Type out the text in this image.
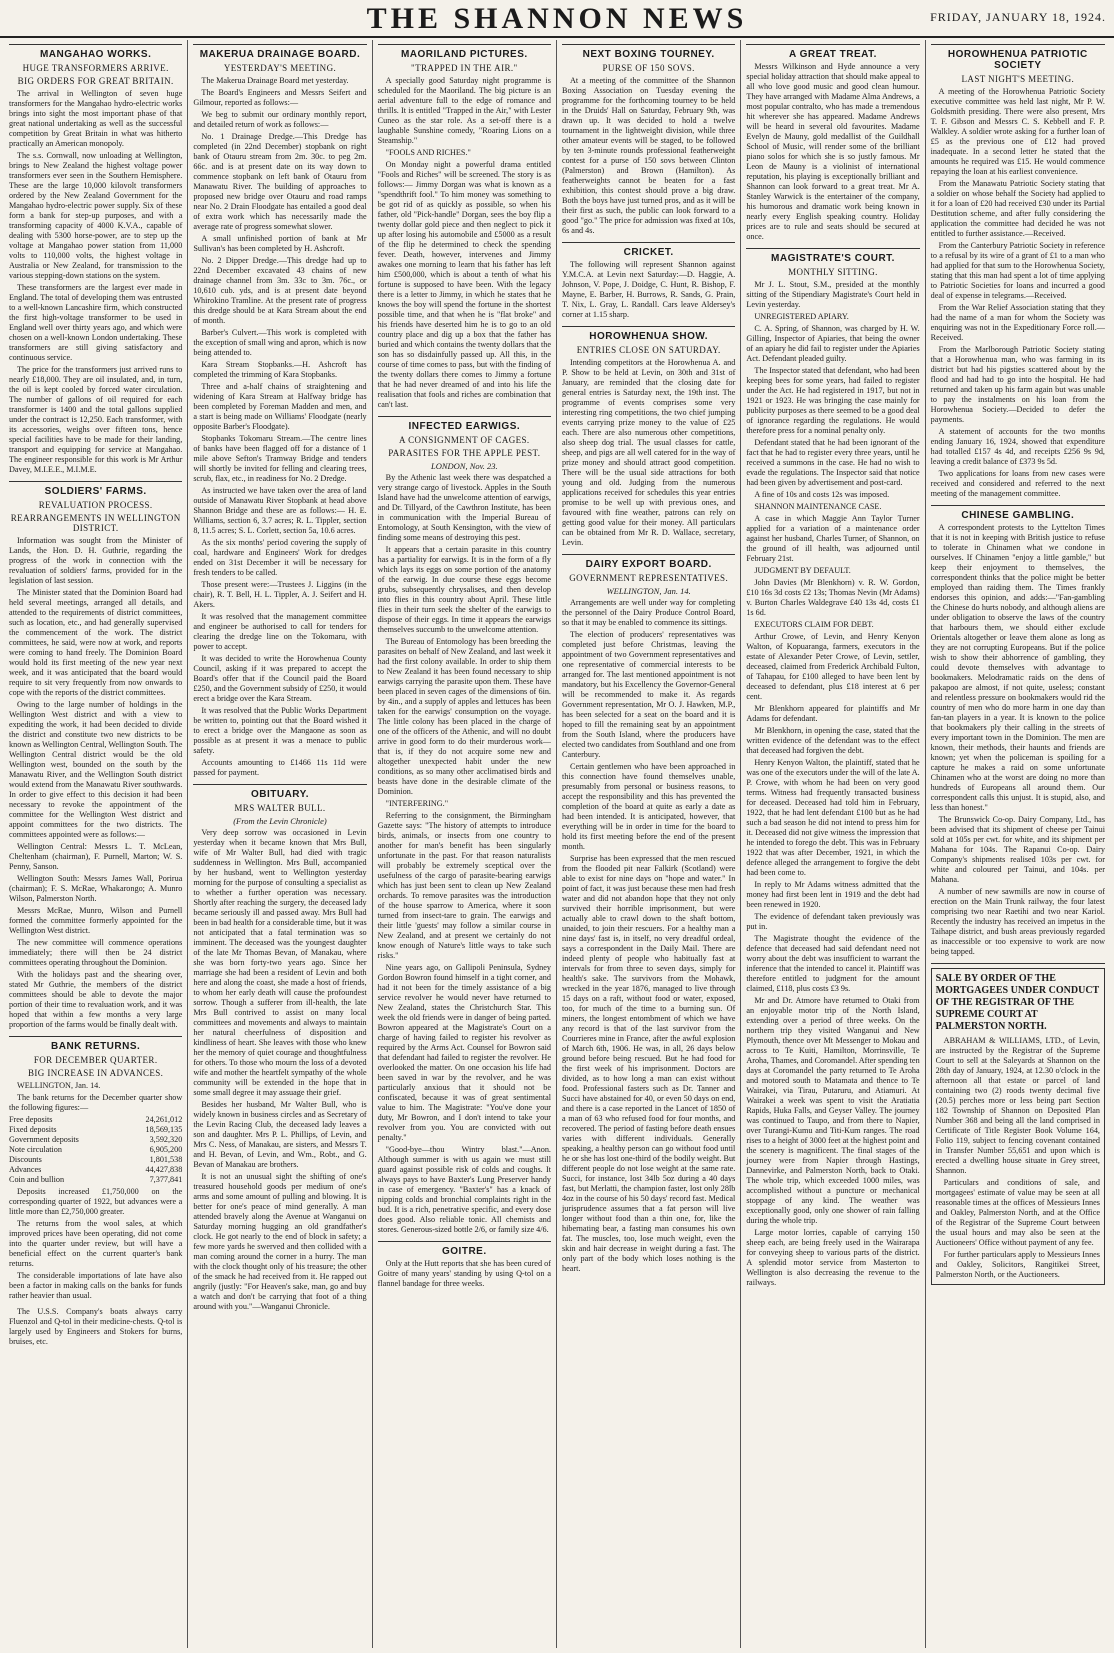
THE SHANNON NEWS	FRIDAY, JANUARY 18, 1924.
MANGAHAO WORKS.
HUGE TRANSFORMERS ARRIVE.
BIG ORDERS FOR GREAT BRITAIN.

The arrival in Wellington of seven huge transformers for the Mangahao hydro-electric works brings into sight the most important phase of that great national undertaking as well as the successful competition by Great Britain in what was hitherto practically an American monopoly.

The s.s. Cornwall, now unloading at Wellington, brings to New Zealand the highest voltage power transformers ever seen in the Southern Hemisphere. These are the large 10,000 kilovolt transformers ordered by the New Zealand Government for the Mangahao hydro-electric power supply. Six of these form a bank for step-up purposes, and with a transforming capacity of 4000 K.V.A., capable of dealing with 5300 horse-power, are to step up the voltage at Mangahao power station from 11,000 volts to 110,000 volts, the highest voltage in Australia or New Zealand, for transmission to the various stepping-down stations on the system.

These transformers are the largest ever made in England. The total of developing them was entrusted to a well-known Lancashire firm, which constructed the first high-voltage transformer to be used in England well over thirty years ago, and which were chosen on a well-known London undertaking. These transformers are still giving satisfactory and continuous service.

The price for the transformers just arrived runs to nearly £18,000. They are oil insulated, and, in turn, the oil is kept cooled by forced water circulation. The number of gallons of oil required for each transformer is 1400 and the total gallons supplied under the contract is 12,250. Each transformer, with its accessories, weighs over fifteen tons, hence special facilities have to be made for their landing, transport and equipping for service at Mangahao. The engineer responsible for this work is Mr Arthur Davey, M.I.E.E., M.I.M.E.

SOLDIERS' FARMS.
REVALUATION PROCESS.
REARRANGEMENTS IN WELLINGTON DISTRICT.

Information was sought from the Minister of Lands, the Hon. D. H. Guthrie, regarding the progress of the work in connection with the revaluation of soldiers' farms, provided for in the legislation of last session.

The Minister stated that the Dominion Board had held several meetings, arranged all details, and attended to the requirements of district committees, such as location, etc., and had generally supervised the commencement of the work. The district committees, he said, were now at work, and reports were coming to hand freely. The Dominion Board would hold its first meeting of the new year next week, and it was anticipated that the board would require to sit very frequently from now onwards to cope with the reports of the district committees.

Owing to the large number of holdings in the Wellington West district and with a view to expediting the work, it had been decided to divide the district and constitute two new districts to be known as Wellington Central, Wellington South. The Wellington Central district would be the old Wellington west, bounded on the south by the Manawatu River, and the Wellington South district would extend from the Manawatu River southwards. In order to give effect to this decision it had been necessary to revoke the appointment of the committee for the Wellington West district and appoint committees for the two districts. The committees appointed were as follows:—

Wellington Central: Messrs L. T. McLean, Cheltenham (chairman), F. Purnell, Marton; W. S. Penny, Sanson.

Wellington South: Messrs James Wall, Porirua (chairman); F. S. McRae, Whakarongo; A. Munro Wilson, Palmerston North.

Messrs McRae, Munro, Wilson and Purnell formed the committee formerly appointed for the Wellington West district.

The new committee will commence operations immediately; there will then be 24 district committees operating throughout the Dominion.

With the holidays past and the shearing over, stated Mr Guthrie, the members of the district committees should be able to devote the major portion of their time to revaluation work, and it was hoped that within a few months a very large proportion of the farms would be finally dealt with.

BANK RETURNS.
FOR DECEMBER QUARTER.
BIG INCREASE IN ADVANCES.

WELLINGTON, Jan. 14.

The bank returns for the December quarter show the following figures:—

Free deposits	24,261,012
Fixed deposits	18,569,135
Government deposits	3,592,320
Note circulation	6,905,200
Discounts	1,801,538
Advances	44,427,838
Coin and bullion	7,377,841

Deposits increased £1,750,000 on the corresponding quarter of 1922, but advances were a little more than £2,750,000 greater.

The returns from the wool sales, at which improved prices have been operating, did not come into the quarter under review, but will have a beneficial effect on the current quarter's bank returns.

The considerable importations of late have also been a factor in making calls on the banks for funds rather heavier than usual.

The U.S.S. Company's boats always carry Fluenzol and Q-tol in their medicine-chests. Q-tol is largely used by Engineers and Stokers for burns, bruises, etc.

MAKERUA DRAINAGE BOARD.
YESTERDAY'S MEETING.

The Makerua Drainage Board met yesterday.

The Board's Engineers and Messrs Seifert and Gilmour, reported as follows:—

We beg to submit our ordinary monthly report, and detailed return of work as follows:—

No. 1 Drainage Dredge.—This Dredge has completed (in 22nd December) stopbank on right bank of Otauru stream from 2m. 30c. to peg 2m. 66c. and is at present date on its way down to commence stopbank on left bank of Otauru from Manawatu River. The building of approaches to proposed new bridge over Otauru and road ramps near No. 2 Drain Floodgate has entailed a good deal of extra work which has necessarily made the average rate of progress somewhat slower.

A small unfinished portion of bank at Mr Sullivan's has been completed by H. Ashcroft.

No. 2 Dipper Dredge.—This dredge had up to 22nd December excavated 43 chains of new drainage channel from 3m. 33c to 3m. 76c., or 10,610 cub. yds, and is at present date beyond Whirokino Tramline. At the present rate of progress this dredge should be at Kara Stream about the end of month.

Barber's Culvert.—This work is completed with the exception of small wing and apron, which is now being attended to.

Kara Stream Stopbanks.—H. Ashcroft has completed the trimming of Kara Stopbanks.

Three and a-half chains of straightening and widening of Kara Stream at Halfway bridge has been completed by Foreman Madden and men, and a start is being made on Williams' Floodgate (nearly opposite Barber's Floodgate).

Stopbanks Tokomaru Stream.—The centre lines of banks have been flagged off for a distance of 1 mile above Sefton's Tramway Bridge and tenders will shortly be invited for felling and clearing trees, scrub, flax, etc., in readiness for No. 2 Dredge.

As instructed we have taken over the area of land outside of Manawatu River Stopbank at head above Shannon Bridge and these are as follows:— H. E. Williams, section 6, 3.7 acres; R. L. Tippler, section 8, 11.5 acres; S. L. Corlett, section 5a, 10.6 acres.

As the six months' period covering the supply of coal, hardware and Engineers' Work for dredges ended on 31st December it will be necessary for fresh tenders to be called.

Those present were:—Trustees J. Liggins (in the chair), R. T. Bell, H. L. Tippler, A. J. Seifert and H. Akers.

It was resolved that the management committee and engineer be authorised to call for tenders for clearing the dredge line on the Tokomaru, with power to accept.

It was decided to write the Horowhenua County Council, asking if it was prepared to accept the Board's offer that if the Council paid the Board £250, and the Government subsidy of £250, it would erect a bridge over the Kara Stream.

It was resolved that the Public Works Department be written to, pointing out that the Board wished it to erect a bridge over the Mangaone as soon as possible as at present it was a menace to public safety.

Accounts amounting to £1466 11s 11d were passed for payment.

OBITUARY.
MRS WALTER BULL.
(From the Levin Chronicle)

Very deep sorrow was occasioned in Levin yesterday when it became known that Mrs Bull, wife of Mr Walter Bull, had died with tragic suddenness in Wellington. Mrs Bull, accompanied by her husband, went to Wellington yesterday morning for the purpose of consulting a specialist as to whether a further operation was necessary. Shortly after reaching the surgery, the deceased lady became seriously ill and passed away. Mrs Bull had been in bad health for a considerable time, but it was not anticipated that a fatal termination was so imminent. The deceased was the youngest daughter of the late Mr Thomas Bevan, of Manakau, where she was born forty-two years ago. Since her marriage she had been a resident of Levin and both here and along the coast, she made a host of friends, to whom her early death will cause the profoundest sorrow. Though a sufferer from ill-health, the late Mrs Bull contrived to assist on many local committees and movements and always to maintain her natural cheerfulness of disposition and kindliness of heart. She leaves with those who knew her the memory of quiet courage and thoughtfulness for others. To those who mourn the loss of a devoted wife and mother the heartfelt sympathy of the whole community will be extended in the hope that in some small degree it may assuage their grief.

Besides her husband, Mr Walter Bull, who is widely known in business circles and as Secretary of the Levin Racing Club, the deceased lady leaves a son and daughter. Mrs P. L. Phillips, of Levin, and Mrs C. Ness, of Manakau, are sisters, and Messrs T. and H. Bevan, of Levin, and Wm., Robt., and G. Bevan of Manakau are brothers.

It is not an unusual sight the shifting of one's treasured household goods per medium of one's arms and some amount of pulling and blowing. It is better for one's peace of mind generally. A man attended bravely along the Avenue at Wanganui on Saturday morning hugging an old grandfather's clock. He got nearly to the end of block in safety; a few more yards he swerved and then collided with a man coming around the corner in a hurry. The man with the clock thought only of his treasure; the other of the smack he had received from it. He rapped out angrily (justly: "For Heaven's sake, man, go and buy a watch and don't be carrying that foot of a thing around with you."—Wanganui Chronicle.

MAORILAND PICTURES.
"TRAPPED IN THE AIR."

A specially good Saturday night programme is scheduled for the Maoriland. The big picture is an aerial adventure full to the edge of romance and thrills. It is entitled "Trapped in the Air," with Lester Cuneo as the star role. As a set-off there is a laughable Sunshine comedy, "Roaring Lions on a Steamship."

"FOOLS AND RICHES."

On Monday night a powerful drama entitled "Fools and Riches" will be screened. The story is as follows:— Jimmy Dorgan was what is known as a "spendthrift fool." To him money was something to be got rid of as quickly as possible, so when his father, old "Pick-handle" Dorgan, sees the boy flip a twenty dollar gold piece and then neglect to pick it up after losing his automobile and £5000 as a result of the flip he determined to check the spending fever. Death, however, intervenes and Jimmy awakes one morning to learn that his father has left him £500,000, which is about a tenth of what his fortune is supposed to have been. With the legacy there is a letter to Jimmy, in which he states that he knows the boy will spend the fortune in the shortest possible time, and that when he is "flat broke" and his friends have deserted him he is to go to an old country place and dig up a box that the father has buried and which contains the twenty dollars that the son has so disdainfully passed up. All this, in the course of time comes to pass, but with the finding of the twenty dollars there comes to Jimmy a fortune that he had never dreamed of and into his life the realisation that fools and riches are combination that can't last.

INFECTED EARWIGS.
A CONSIGNMENT OF CAGES.
PARASITES FOR THE APPLE PEST.
LONDON, Nov. 23.

By the Athenic last week there was despatched a very strange cargo of livestock. Apples in the South Island have had the unwelcome attention of earwigs, and Dr. Tillyard, of the Cawthron Institute, has been in communication with the Imperial Bureau of Entomology, at South Kensington, with the view of finding some means of destroying this pest.

It appears that a certain parasite in this country has a partiality for earwigs. It is in the form of a fly which lays its eggs on some portion of the anatomy of the earwig. In due course these eggs become grubs, subsequently chrysalises, and then develop into flies in this country about April. These little flies in their turn seek the shelter of the earwigs to dispose of their eggs. In time it appears the earwigs themselves succumb to the unwelcome attention.

The Bureau of Entomology has been breeding the parasites on behalf of New Zealand, and last week it had the first colony available. In order to ship them to New Zealand it has been found necessary to ship earwigs carrying the parasite upon them. These have been placed in seven cages of the dimensions of 6in. by 4in., and a supply of apples and lettuces has been taken for the earwigs' consumption on the voyage. The little colony has been placed in the charge of one of the officers of the Athenic, and will no doubt arrive in good form to do their murderous work—that is, if they do not acquire some new and altogether unexpected habit under the new conditions, as so many other acclimatised birds and beasts have done in the desirable climate of the Dominion.

"INTERFERING."

Referring to the consignment, the Birmingham Gazette says: "The history of attempts to introduce birds, animals, or insects from one country to another for man's benefit has been singularly unfortunate in the past. For that reason naturalists will probably be extremely sceptical over the usefulness of the cargo of parasite-bearing earwigs which has just been sent to clean up New Zealand orchards. To remove parasites was the introduction of the house sparrow to America, where it soon turned from insect-tare to grain. The earwigs and their little 'guests' may follow a similar course in New Zealand, and at present we certainly do not know enough of Nature's little ways to take such risks."

Nine years ago, on Gallipoli Peninsula, Sydney Gordon Bowron found himself in a tight corner, and had it not been for the timely assistance of a big service revolver he would never have returned to New Zealand, states the Christchurch Star. This week the old friends were in danger of being parted. Bowron appeared at the Magistrate's Court on a charge of having failed to register his revolver as required by the Arms Act. Counsel for Bowron said that defendant had failed to register the revolver. He overlooked the matter. On one occasion his life had been saved in war by the revolver, and he was particularly anxious that it should not be confiscated, because it was of great sentimental value to him. The Magistrate: "You've done your duty, Mr Bowron, and I don't intend to take your revolver from you. You are convicted with out penalty."

"Good-bye—thou Wintry blast."—Anon. Although summer is with us again we must still guard against possible risk of colds and coughs. It always pays to have Baxter's Lung Preserver handy in case of emergency. "Baxter's" has a knack of nipping colds and bronchial complaints right in the bud. It is a rich, penetrative specific, and every dose does good. Also reliable tonic. All chemists and stores. Generous-sized bottle 2/6, or family size 4/6.

GOITRE.

Only at the Hutt reports that she has been cured of Goitre of many years' standing by using Q-tol on a flannel bandage for three weeks.

NEXT BOXING TOURNEY.
PURSE OF 150 SOVS.

At a meeting of the committee of the Shannon Boxing Association on Tuesday evening the programme for the forthcoming tourney to be held in the Druids' Hall on Saturday, February 9th, was drawn up. It was decided to hold a twelve tournament in the lightweight division, while three other amateur events will be staged, to be followed by ten 3-minute rounds professional featherweight contest for a purse of 150 sovs between Clinton (Palmerston) and Brown (Hamilton). As featherweights cannot be beaten for a fast exhibition, this contest should prove a big draw. Both the boys have just turned pros, and as it will be their first as such, the public can look forward to a good "go." The price for admission was fixed at 10s, 6s and 4s.

CRICKET.

The following will represent Shannon against Y.M.C.A. at Levin next Saturday:—D. Haggie, A. Johnson, V. Pope, J. Doidge, C. Hunt, R. Bishop, F. Mayne, E. Barber, H. Burrows, R. Sands, G. Prain, T. Nix, L. Gray, L. Randall. Cars leave Aldersey's corner at 1.15 sharp.

HOROWHENUA SHOW.
ENTRIES CLOSE ON SATURDAY.

Intending competitors at the Horowhenua A. and P. Show to be held at Levin, on 30th and 31st of January, are reminded that the closing date for general entries is Saturday next, the 19th inst. The programme of events comprises some very interesting ring competitions, the two chief jumping events carrying prize money to the value of £25 each. There are also numerous other competitions, also sheep dog trial. The usual classes for cattle, sheep, and pigs are all well catered for in the way of prize money and should attract good competition. There will be the usual side attractions for both young and old. Judging from the numerous applications received for schedules this year entries promise to be well up with previous ones, and favoured with fine weather, patrons can rely on getting good value for their money. All particulars can be obtained from Mr R. D. Wallace, secretary, Levin.

DAIRY EXPORT BOARD.
GOVERNMENT REPRESENTATIVES.
WELLINGTON, Jan. 14.

Arrangements are well under way for completing the personnel of the Dairy Produce Control Board, so that it may be enabled to commence its sittings.

The election of producers' representatives was completed just before Christmas, leaving the appointment of two Government representatives and one representative of commercial interests to be arranged for. The last mentioned appointment is not mandatory, but his Excellency the Governor-General will be recommended to make it. As regards Government representation, Mr O. J. Hawken, M.P., has been selected for a seat on the board and it is hoped to fill the remaining seat by an appointment from the South Island, where the producers have elected two candidates from Southland and one from Canterbury.

Certain gentlemen who have been approached in this connection have found themselves unable, presumably from personal or business reasons, to accept the responsibility and this has prevented the completion of the board at quite as early a date as had been intended. It is anticipated, however, that everything will be in order in time for the board to hold its first meeting before the end of the present month.

Surprise has been expressed that the men rescued from the flooded pit near Falkirk (Scotland) were able to exist for nine days on "hope and water." In point of fact, it was just because these men had fresh water and did not abandon hope that they not only survived their horrible imprisonment, but were actually able to crawl down to the shaft bottom, unaided, to join their rescuers. For a healthy man a nine days' fast is, in itself, no very dreadful ordeal, says a correspondent in the Daily Mail. There are indeed plenty of people who habitually fast at intervals for from three to seven days, simply for health's sake. The survivors from the Mohawk, wrecked in the year 1876, managed to live through 15 days on a raft, without food or water, exposed, too, for much of the time to a burning sun. Of miners, the longest entombment of which we have any record is that of the last survivor from the Courrieres mine in France, after the awful explosion of March 6th, 1906. He was, in all, 26 days below ground before being rescued. But he had food for the first week of his imprisonment. Doctors are divided, as to how long a man can exist without food. Professional fasters such as Dr. Tanner and Succi have abstained for 40, or even 50 days on end, and there is a case reported in the Lancet of 1850 of a man of 63 who refused food for four months, and recovered. The period of fasting before death ensues varies with different individuals. Generally speaking, a healthy person can go without food until he or she has lost one-third of the bodily weight. But different people do not lose weight at the same rate. Succi, for instance, lost 34lb 5oz during a 40 days fast, but Merlatti, the champion faster, lost only 28lb 4oz in the course of his 50 days' record fast. Medical jurisprudence assumes that a fat person will live longer without food than a thin one, for, like the hibernating bear, a fasting man consumes his own fat. The muscles, too, lose much weight, even the skin and hair decrease in weight during a fast. The only part of the body which loses nothing is the heart.

A GREAT TREAT.

Messrs Wilkinson and Hyde announce a very special holiday attraction that should make appeal to all who love good music and good clean humour. They have arranged with Madame Alma Andrews, a most popular contralto, who has made a tremendous hit wherever she has appeared. Madame Andrews will be heard in several old favourites. Madame Evelyn de Mauny, gold medallist of the Guildhall School of Music, will render some of the brilliant piano solos for which she is so justly famous. Mr Leon de Mauny is a violinist of international reputation, his playing is exceptionally brilliant and Shannon can look forward to a great treat. Mr A. Stanley Warwick is the entertainer of the company, his humorous and dramatic work being known in nearly every English speaking country. Holiday prices are to rule and seats should be secured at once.

MAGISTRATE'S COURT.
MONTHLY SITTING.

Mr J. L. Stout, S.M., presided at the monthly sitting of the Stipendiary Magistrate's Court held in Levin yesterday.

UNREGISTERED APIARY.

C. A. Spring, of Shannon, was charged by H. W. Gilling, Inspector of Apiaries, that being the owner of an apiary he did fail to register under the Apiaries Act. Defendant pleaded guilty.

The Inspector stated that defendant, who had been keeping bees for some years, had failed to register under the Act. He had registered in 1917, but not in 1921 or 1923. He was bringing the case mainly for publicity purposes as there seemed to be a good deal of ignorance regarding the regulations. He would therefore press for a nominal penalty only.

Defendant stated that he had been ignorant of the fact that he had to register every three years, until he received a summons in the case. He had no wish to evade the regulations. The Inspector said that notice had been given by advertisement and post-card.

A fine of 10s and costs 12s was imposed.

SHANNON MAINTENANCE CASE.

A case in which Maggie Ann Taylor Turner applied for a variation of a maintenance order against her husband, Charles Turner, of Shannon, on the ground of ill health, was adjourned until February 21st.

JUDGMENT BY DEFAULT.

John Davies (Mr Blenkhorn) v. R. W. Gordon, £10 16s 3d costs £2 13s; Thomas Nevin (Mr Adams) v. Burton Charles Waldegrave £40 13s 4d, costs £1 1s 6d.

EXECUTORS CLAIM FOR DEBT.

Arthur Crowe, of Levin, and Henry Kenyon Walton, of Kopuaranga, farmers, executors in the estate of Alexander Peter Crowe, of Levin, settler, deceased, claimed from Frederick Archibald Fulton, of Tahapau, for £100 alleged to have been lent by deceased to defendant, plus £18 interest at 6 per cent.

Mr Blenkhorn appeared for plaintiffs and Mr Adams for defendant.

Mr Blenkhorn, in opening the case, stated that the written evidence of the defendant was to the effect that deceased had forgiven the debt.

Henry Kenyon Walton, the plaintiff, stated that he was one of the executors under the will of the late A. P. Crowe, with whom he had been on very good terms. Witness had frequently transacted business for deceased. Deceased had told him in February, 1922, that he had lent defendant £100 but as he had such a bad season he did not intend to press him for it. Deceased did not give witness the impression that he intended to forego the debt. This was in February 1922 that was after December, 1921, in which the defence alleged the arrangement to forgive the debt had been come to.

In reply to Mr Adams witness admitted that the money had first been lent in 1919 and the debt had been renewed in 1920.

The evidence of defendant taken previously was put in.

The Magistrate thought the evidence of the defence that deceased had said defendant need not worry about the debt was insufficient to warrant the inference that the intended to cancel it. Plaintiff was therefore entitled to judgment for the amount claimed, £118, plus costs £3 9s.

Mr and Dr. Atmore have returned to Otaki from an enjoyable motor trip of the North Island, extending over a period of three weeks. On the northern trip they visited Wanganui and New Plymouth, thence over Mt Messenger to Mokau and across to Te Kuiti, Hamilton, Morrinsville, Te Aroha, Thames, and Coromandel. After spending ten days at Coromandel the party returned to Te Aroha and motored south to Matamata and thence to Te Wairakei, via Tirau, Putaruru, and Atiamuri. At Wairakei a week was spent to visit the Aratiatia Rapids, Huka Falls, and Geyser Valley. The journey was continued to Taupo, and from there to Napier, over Turangi-Kumu and Titi-Kum ranges. The road rises to a height of 3000 feet at the highest point and the scenery is magnificent. The final stages of the journey were from Napier through Hastings, Dannevirke, and Palmerston North, back to Otaki. The whole trip, which exceeded 1000 miles, was accomplished without a puncture or mechanical stoppage of any kind. The weather was exceptionally good, only one shower of rain falling during the whole trip.

Large motor lorries, capable of carrying 150 sheep each, are being freely used in the Wairarapa for conveying sheep to various parts of the district. A splendid motor service from Masterton to Wellington is also decreasing the revenue to the railways.

HOROWHENUA PATRIOTIC SOCIETY
LAST NIGHT'S MEETING.

A meeting of the Horowhenua Patriotic Society executive committee was held last night, Mr P. W. Goldsmith presiding. There were also present, Mrs T. F. Gibson and Messrs C. S. Kebbell and F. P. Walkley. A soldier wrote asking for a further loan of £5 as the previous one of £12 had proved inadequate. In a second letter he stated that the amounts he required was £15. He would commence repaying the loan at his earliest convenience.

From the Manawatu Patriotic Society stating that a soldier on whose behalf the Society had applied to it for a loan of £20 had received £30 under its Partial Destitution scheme, and after fully considering the application the committee had decided he was not entitled to further assistance.—Received.

From the Canterbury Patriotic Society in reference to a refusal by its wire of a grant of £1 to a man who had applied for that sum to the Horowhenua Society, stating that this man had spent a lot of time applying to Patriotic Societies for loans and incurred a good deal of expense in telegrams.—Received.

From the War Relief Association stating that they had the name of a man for whom the Society was enquiring was not in the Expeditionary Force roll.—Received.

From the Marlborough Patriotic Society stating that a Horowhenua man, who was farming in its district but had his pigsties scattered about by the flood and had had to go into the hospital. He had returned and taken up his farm again but was unable to pay the instalments on his loan from the Horowhenua Society.—Decided to defer the payments.

A statement of accounts for the two months ending January 16, 1924, showed that expenditure had totalled £157 4s 4d, and receipts £256 9s 9d, leaving a credit balance of £373 9s 5d.

Two applications for loans from new cases were received and considered and referred to the next meeting of the management committee.

CHINESE GAMBLING.

A correspondent protests to the Lyttelton Times that it is not in keeping with British justice to refuse to tolerate in Chinamen what we condone in ourselves. If Chinamen "enjoy a little gamble," but keep their enjoyment to themselves, the correspondent thinks that the police might be better employed than raiding them. The Times frankly endorses this opinion, and adds:—"Fan-gambling the Chinese do hurts nobody, and although aliens are under obligation to observe the laws of the country that harbours them, we should either exclude Orientals altogether or leave them alone as long as they are not corrupting Europeans. But if the police wish to show their abhorrence of gambling, they could devote themselves with advantage to bookmakers. Melodramatic raids on the dens of pakapoo are almost, if not quite, useless; constant and relentless pressure on bookmakers would rid the country of men who do more harm in one day than fan-tan players in a year. It is known to the police that bookmakers ply their calling in the streets of every important town in the Dominion. The men are known, their methods, their haunts and friends are known; yet when the policeman is spoiling for a capture he makes a raid on some unfortunate Chinamen who at the worst are doing no more than hundreds of Europeans all around them. Our correspondent calls this unjust. It is stupid, also, and less than honest."

The Brunswick Co-op. Dairy Company, Ltd., has been advised that its shipment of cheese per Tainui sold at 105s per cwt. for white, and its shipment per Mahana for 104s. The Rapanui Co-op. Dairy Company's shipments realised 103s per cwt. for white and coloured per Tainui, and 104s. per Mahana.

A number of new sawmills are now in course of erection on the Main Trunk railway, the four latest comprising two near Raetihi and two near Kariol. Recently the industry has received an impetus in the Taihape district, and bush areas previously regarded as inaccessible or too expensive to work are now being tapped.

SALE BY ORDER OF THE MORTGAGEES UNDER CONDUCT OF THE REGISTRAR OF THE SUPREME COURT AT PALMERSTON NORTH.

ABRAHAM & WILLIAMS, LTD., of Levin, are instructed by the Registrar of the Supreme Court to sell at the Saleyards at Shannon on the 28th day of January, 1924, at 12.30 o'clock in the afternoon all that estate or parcel of land containing two (2) roods twenty decimal five (20.5) perches more or less being part Section 182 Township of Shannon on Deposited Plan Number 368 and being all the land comprised in Certificate of Title Register Book Volume 164, Folio 119, subject to fencing covenant contained in Transfer Number 55,651 and upon which is erected a dwelling house situate in Grey street, Shannon.

Particulars and conditions of sale, and mortgagees' estimate of value may be seen at all reasonable times at the offices of Messieurs Innes and Oakley, Palmerston North, and at the Office of the Registrar of the Supreme Court between the usual hours and may also be seen at the Auctioneers' Office without payment of any fee.

For further particulars apply to Messieurs Innes and Oakley, Solicitors, Rangitikei Street, Palmerston North, or the Auctioneers.
